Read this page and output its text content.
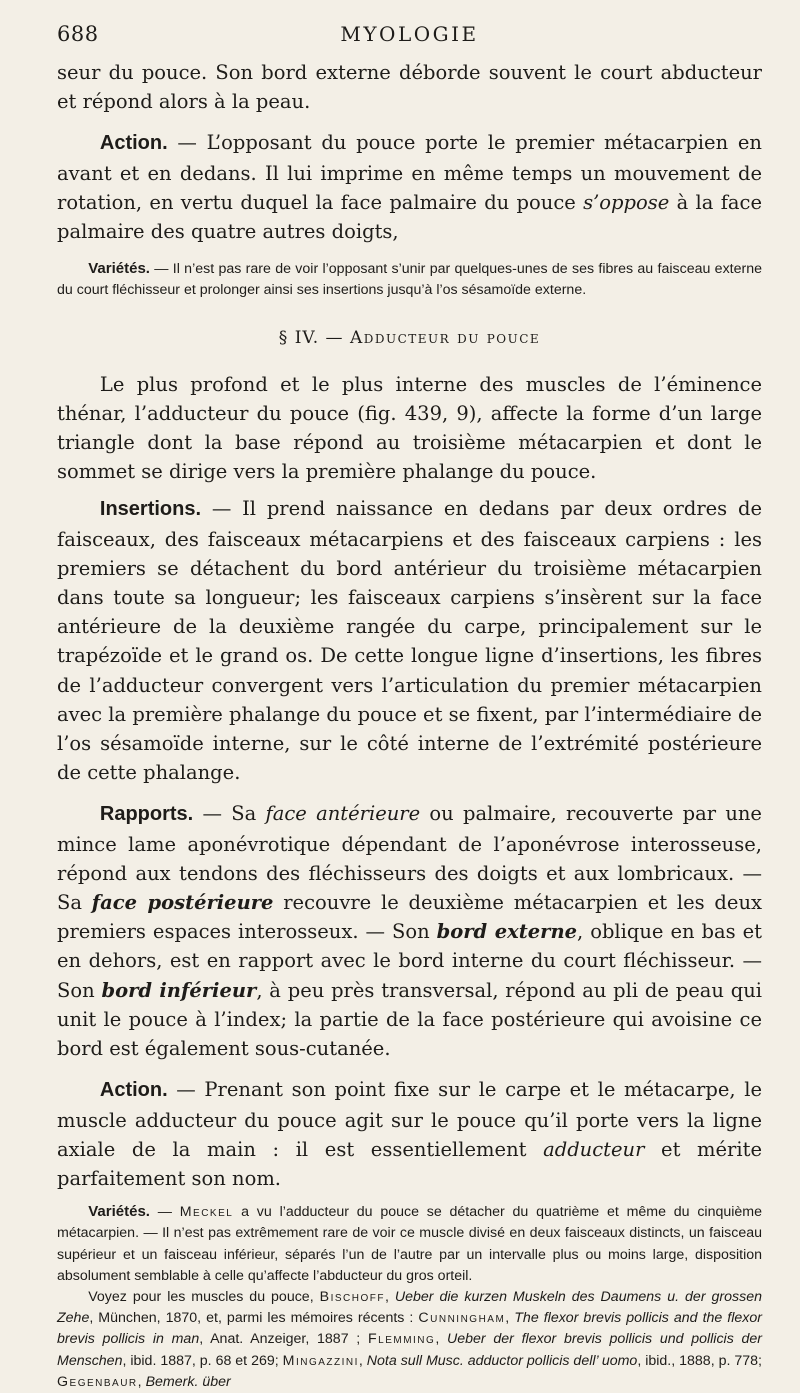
688	MYOLOGIE

seur du pouce. Son bord externe déborde souvent le court abducteur et répond alors à la peau.

Action. — L’opposant du pouce porte le premier métacarpien en avant et en dedans. Il lui imprime en même temps un mouvement de rotation, en vertu duquel la face palmaire du pouce s’oppose à la face palmaire des quatre autres doigts,

Variétés. — Il n’est pas rare de voir l’opposant s’unir par quelques-unes de ses fibres au faisceau externe du court fléchisseur et prolonger ainsi ses insertions jusqu’à l’os sésamoïde externe.

§ IV. — Adducteur du pouce

Le plus profond et le plus interne des muscles de l’éminence thénar, l’adducteur du pouce (fig. 439, 9), affecte la forme d’un large triangle dont la base répond au troisième métacarpien et dont le sommet se dirige vers la première phalange du pouce.

Insertions. — Il prend naissance en dedans par deux ordres de faisceaux, des faisceaux métacarpiens et des faisceaux carpiens : les premiers se détachent du bord antérieur du troisième métacarpien dans toute sa longueur; les faisceaux carpiens s’insèrent sur la face antérieure de la deuxième rangée du carpe, principalement sur le trapézoïde et le grand os. De cette longue ligne d’insertions, les fibres de l’adducteur convergent vers l’articulation du premier métacarpien avec la première phalange du pouce et se fixent, par l’intermédiaire de l’os sésamoïde interne, sur le côté interne de l’extrémité postérieure de cette phalange.

Rapports. — Sa face antérieure ou palmaire, recouverte par une mince lame aponévrotique dépendant de l’aponévrose interosseuse, répond aux tendons des fléchisseurs des doigts et aux lombricaux. — Sa face postérieure recouvre le deuxième métacarpien et les deux premiers espaces interosseux. — Son bord externe, oblique en bas et en dehors, est en rapport avec le bord interne du court fléchisseur. — Son bord inférieur, à peu près transversal, répond au pli de peau qui unit le pouce à l’index; la partie de la face postérieure qui avoisine ce bord est également sous-cutanée.

Action. — Prenant son point fixe sur le carpe et le métacarpe, le muscle adducteur du pouce agit sur le pouce qu’il porte vers la ligne axiale de la main : il est essentiellement adducteur et mérite parfaitement son nom.

Variétés. — Meckel a vu l’adducteur du pouce se détacher du quatrième et même du cinquième métacarpien. — Il n’est pas extrêmement rare de voir ce muscle divisé en deux faisceaux distincts, un faisceau supérieur et un faisceau inférieur, séparés l’un de l’autre par un intervalle plus ou moins large, disposition absolument semblable à celle qu’affecte l’abducteur du gros orteil.

Voyez pour les muscles du pouce, Bischoff, Ueber die kurzen Muskeln des Daumens u. der grossen Zehe, München, 1870, et, parmi les mémoires récents : Cunningham, The flexor brevis pollicis and the flexor brevis pollicis in man, Anat. Anzeiger, 1887 ; Flemming, Ueber der flexor brevis pollicis und pollicis der Menschen, ibid. 1887, p. 68 et 269; Mingazzini, Nota sull Musc. adductor pollicis dell’ uomo, ibid., 1888, p. 778; Gegenbaur, Bemerk. über
